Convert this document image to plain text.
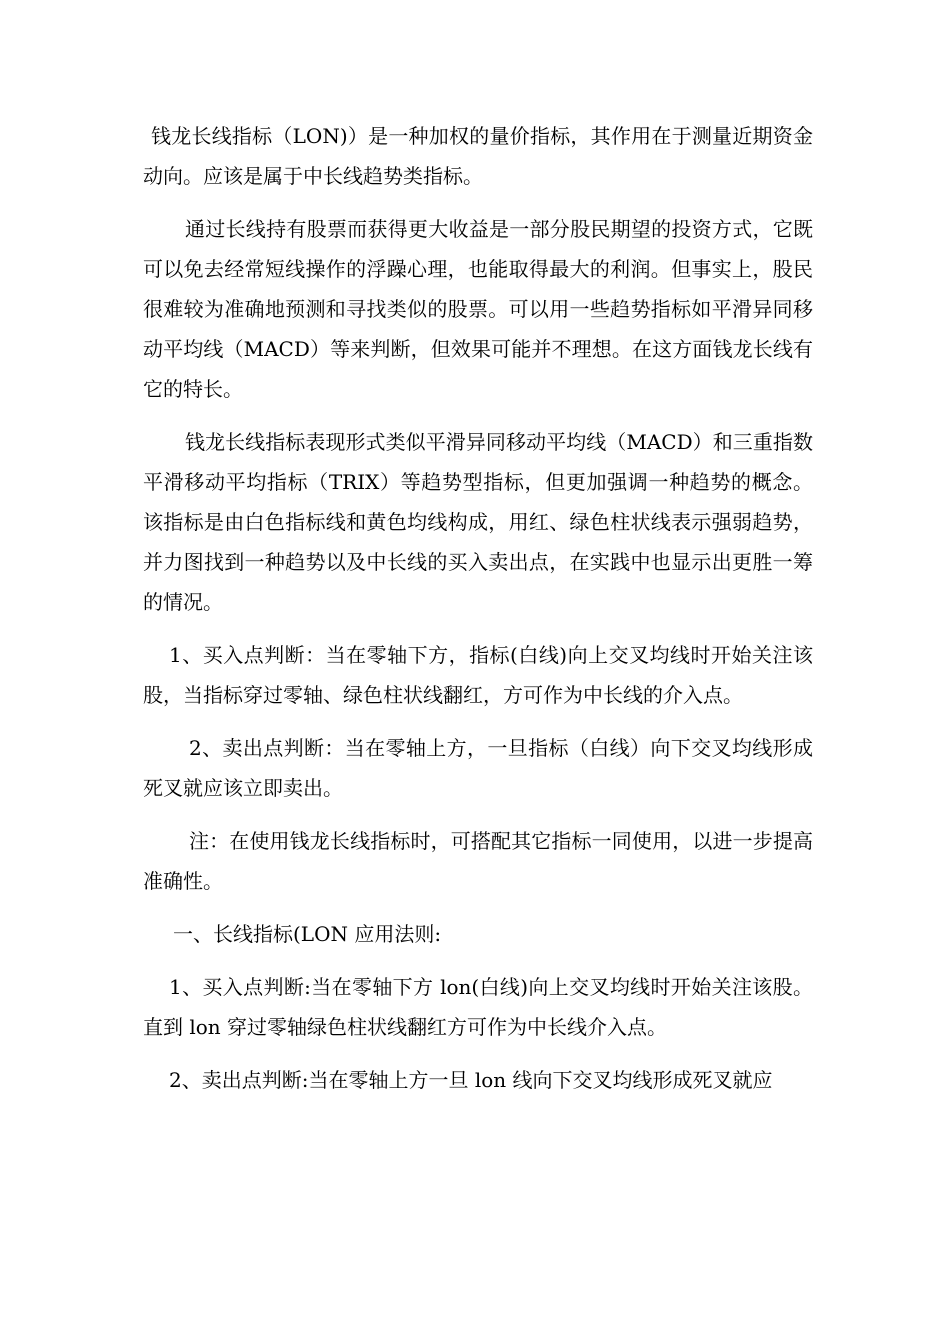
钱龙长线指标（LON)）是一种加权的量价指标，其作用在于测量近期资金动向。应该是属于中长线趋势类指标。

通过长线持有股票而获得更大收益是一部分股民期望的投资方式，它既可以免去经常短线操作的浮躁心理，也能取得最大的利润。但事实上，股民很难较为准确地预测和寻找类似的股票。可以用一些趋势指标如平滑异同移动平均线（MACD）等来判断，但效果可能并不理想。在这方面钱龙长线有它的特长。

钱龙长线指标表现形式类似平滑异同移动平均线（MACD）和三重指数平滑移动平均指标（TRIX）等趋势型指标，但更加强调一种趋势的概念。该指标是由白色指标线和黄色均线构成，用红、绿色柱状线表示强弱趋势，并力图找到一种趋势以及中长线的买入卖出点，在实践中也显示出更胜一筹的情况。

1、买入点判断：当在零轴下方，指标(白线)向上交叉均线时开始关注该股，当指标穿过零轴、绿色柱状线翻红，方可作为中长线的介入点。

2、卖出点判断：当在零轴上方，一旦指标（白线）向下交叉均线形成死叉就应该立即卖出。

注：在使用钱龙长线指标时，可搭配其它指标一同使用，以进一步提高准确性。

一、长线指标(LON 应用法则:

1、买入点判断:当在零轴下方 lon(白线)向上交叉均线时开始关注该股。直到 lon 穿过零轴绿色柱状线翻红方可作为中长线介入点。

2、卖出点判断:当在零轴上方一旦 lon 线向下交叉均线形成死叉就应
